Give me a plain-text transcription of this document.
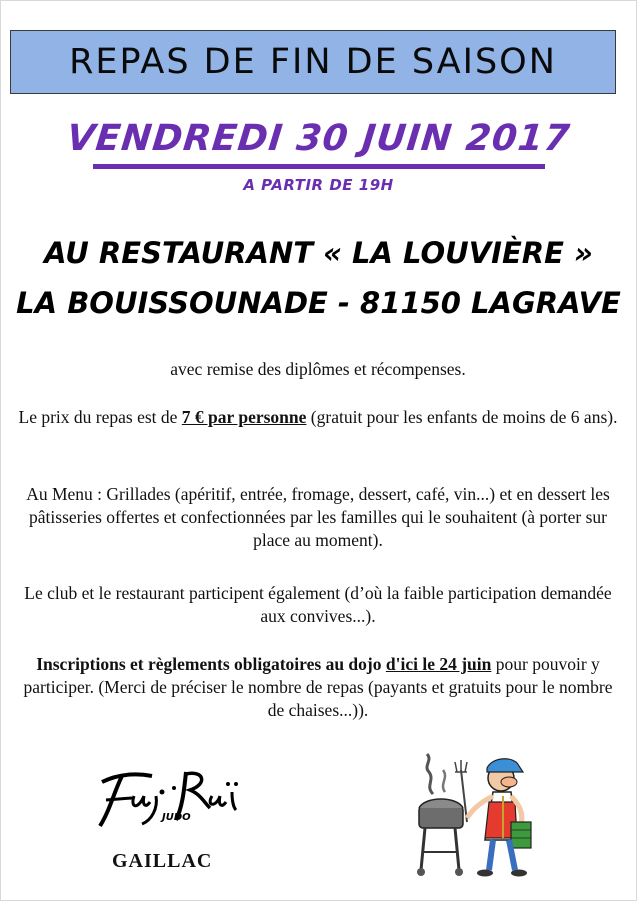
REPAS DE FIN DE SAISON
VENDREDI 30 JUIN 2017
A PARTIR DE 19H
AU RESTAURANT « LA LOUVIÈRE »
LA BOUISSOUNADE - 81150 LAGRAVE
avec remise des diplômes et récompenses.
Le prix du repas est de 7 € par personne (gratuit pour les enfants de moins de 6 ans).
Au Menu : Grillades (apéritif, entrée, fromage, dessert, café, vin...) et en dessert les pâtisseries offertes et confectionnées par les familles qui le souhaitent (à porter sur place au moment).
Le club et le restaurant participent également (d’où la faible participation demandée aux convives...).
Inscriptions et règlements obligatoires au dojo d'ici le 24 juin pour pouvoir y participer. (Merci de préciser le nombre de repas (payants et gratuits pour le nombre de chaises...)).
JUDO
GAILLAC
